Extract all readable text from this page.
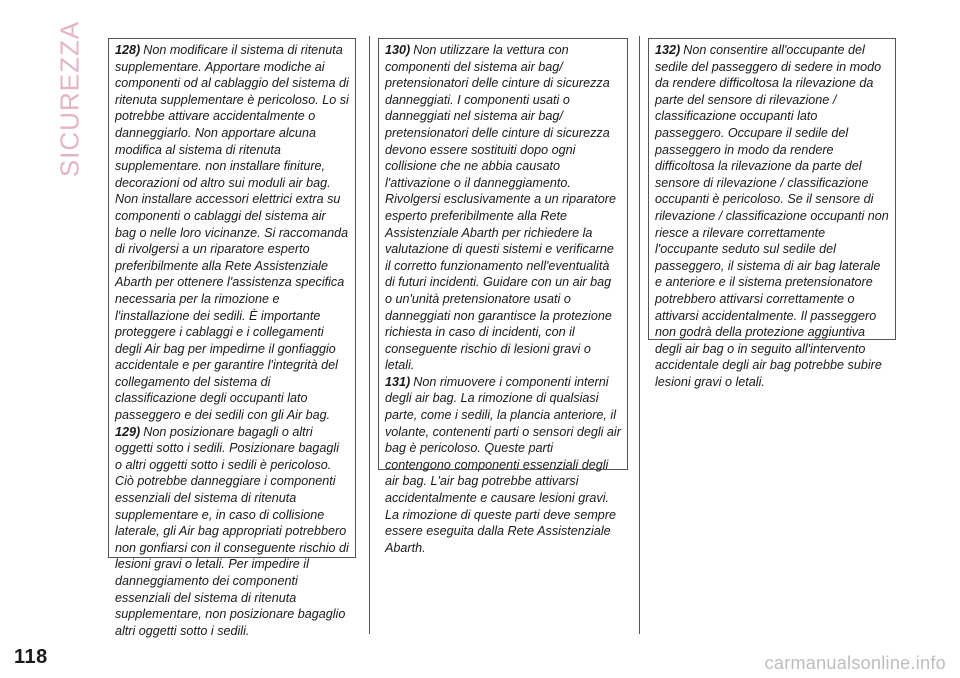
SICUREZZA 128) Non modificare il sistema di ritenuta supplementare. Apportare modiche ai componenti od al cablaggio del sistema di ritenuta supplementare è pericoloso. Lo si potrebbe attivare accidentalmente o danneggiarlo. Non apportare alcuna modifica al sistema di ritenuta supplementare. non installare finiture, decorazioni od altro sui moduli air bag. Non installare accessori elettrici extra su componenti o cablaggi del sistema air bag o nelle loro vicinanze. Si raccomanda di rivolgersi a un riparatore esperto preferibilmente alla Rete Assistenziale Abarth per ottenere l'assistenza specifica necessaria per la rimozione e l'installazione dei sedili. È importante proteggere i cablaggi e i collegamenti degli Air bag per impedirne il gonfiaggio accidentale e per garantire l'integrità del collegamento del sistema di classificazione degli occupanti lato passeggero e dei sedili con gli Air bag.

129) Non posizionare bagagli o altri oggetti sotto i sedili. Posizionare bagagli o altri oggetti sotto i sedili è pericoloso. Ciò potrebbe danneggiare i componenti essenziali del sistema di ritenuta supplementare e, in caso di collisione laterale, gli Air bag appropriati potrebbero non gonfiarsi con il conseguente rischio di lesioni gravi o letali. Per impedire il danneggiamento dei componenti essenziali del sistema di ritenuta supplementare, non posizionare bagaglio altri oggetti sotto i sedili.

130) Non utilizzare la vettura con componenti del sistema air bag/ pretensionatori delle cinture di sicurezza danneggiati. I componenti usati o danneggiati nel sistema air bag/ pretensionatori delle cinture di sicurezza devono essere sostituiti dopo ogni collisione che ne abbia causato l'attivazione o il danneggiamento. Rivolgersi esclusivamente a un riparatore esperto preferibilmente alla Rete Assistenziale Abarth per richiedere la valutazione di questi sistemi e verificarne il corretto funzionamento nell'eventualità di futuri incidenti. Guidare con un air bag o un'unità pretensionatore usati o danneggiati non garantisce la protezione richiesta in caso di incidenti, con il conseguente rischio di lesioni gravi o letali.

131) Non rimuovere i componenti interni degli air bag. La rimozione di qualsiasi parte, come i sedili, la plancia anteriore, il volante, contenenti parti o sensori degli air bag è pericoloso. Queste parti contengono componenti essenziali degli air bag. L'air bag potrebbe attivarsi accidentalmente e causare lesioni gravi. La rimozione di queste parti deve sempre essere eseguita dalla Rete Assistenziale Abarth.

132) Non consentire all'occupante del sedile del passeggero di sedere in modo da rendere difficoltosa la rilevazione da parte del sensore di rilevazione / classificazione occupanti lato passeggero. Occupare il sedile del passeggero in modo da rendere difficoltosa la rilevazione da parte del sensore di rilevazione / classificazione occupanti è pericoloso. Se il sensore di rilevazione / classificazione occupanti non riesce a rilevare correttamente l'occupante seduto sul sedile del passeggero, il sistema di air bag laterale e anteriore e il sistema pretensionatore potrebbero attivarsi correttamente o attivarsi accidentalmente. Il passeggero non godrà della protezione aggiuntiva degli air bag o in seguito all'intervento accidentale degli air bag potrebbe subire lesioni gravi o letali.

118	carmanualsonline.info
